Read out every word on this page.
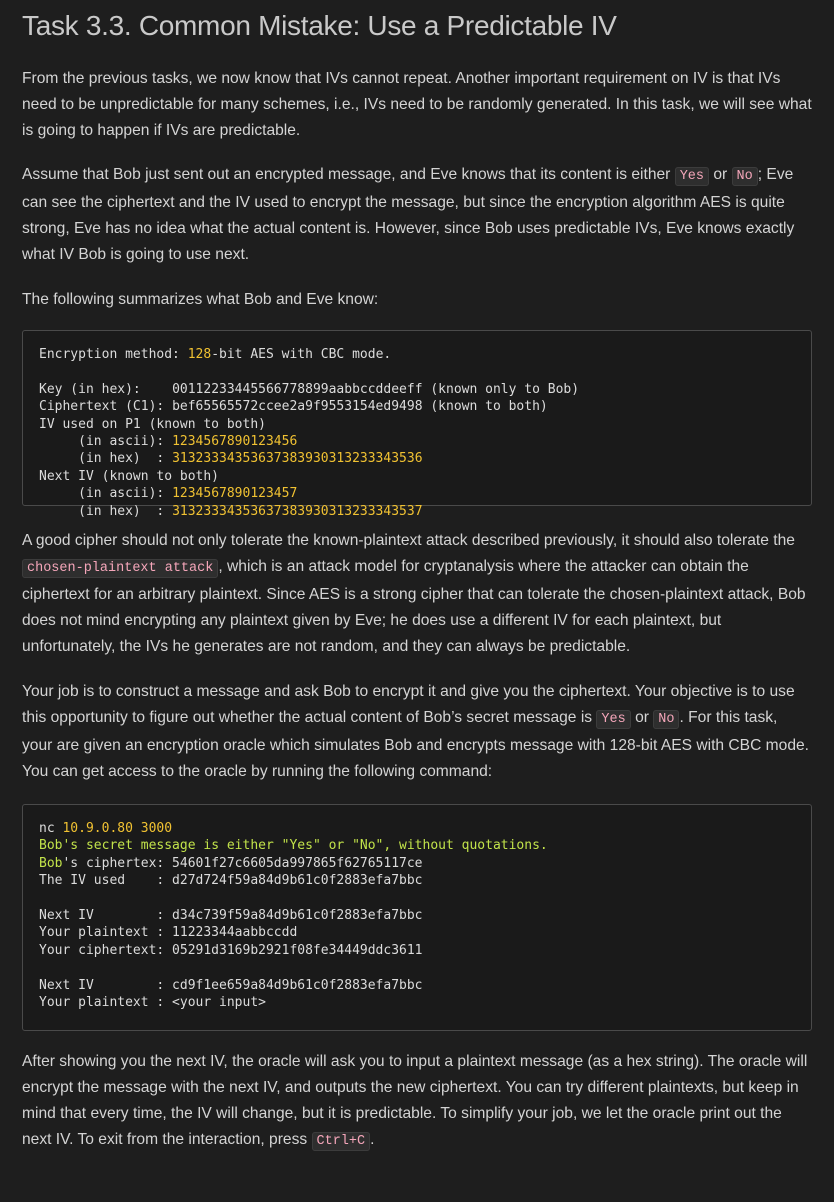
Task 3.3. Common Mistake: Use a Predictable IV

From the previous tasks, we now know that IVs cannot repeat. Another important requirement on IV is that IVs need to be unpredictable for many schemes, i.e., IVs need to be randomly generated. In this task, we will see what is going to happen if IVs are predictable.

Assume that Bob just sent out an encrypted message, and Eve knows that its content is either Yes or No ; Eve can see the ciphertext and the IV used to encrypt the message, but since the encryption algorithm AES is quite strong, Eve has no idea what the actual content is. However, since Bob uses predictable IVs, Eve knows exactly what IV Bob is going to use next.

The following summarizes what Bob and Eve know:

Encryption method: 128-bit AES with CBC mode.
Key (in hex):    00112233445566778899aabbccddeeff (known only to Bob)
Ciphertext (C1): bef65565572ccee2a9f9553154ed9498 (known to both)
IV used on P1 (known to both)
(in ascii): 1234567890123456
(in hex)  : 31323334353637383930313233343536
Next IV (known to both)
(in ascii): 1234567890123457
(in hex)  : 31323334353637383930313233343537

A good cipher should not only tolerate the known-plaintext attack described previously, it should also tolerate the chosen-plaintext attack , which is an attack model for cryptanalysis where the attacker can obtain the ciphertext for an arbitrary plaintext. Since AES is a strong cipher that can tolerate the chosen-plaintext attack, Bob does not mind encrypting any plaintext given by Eve; he does use a different IV for each plaintext, but unfortunately, the IVs he generates are not random, and they can always be predictable.

Your job is to construct a message and ask Bob to encrypt it and give you the ciphertext. Your objective is to use this opportunity to figure out whether the actual content of Bob’s secret message is Yes or No . For this task, your are given an encryption oracle which simulates Bob and encrypts message with 128-bit AES with CBC mode. You can get access to the oracle by running the following command:

nc 10.9.0.80 3000
Bob's secret message is either "Yes" or "No", without quotations.
Bob's ciphertex: 54601f27c6605da997865f62765117ce
The IV used    : d27d724f59a84d9b61c0f2883efa7bbc
Next IV        : d34c739f59a84d9b61c0f2883efa7bbc
Your plaintext : 11223344aabbccdd
Your ciphertext: 05291d3169b2921f08fe34449ddc3611
Next IV        : cd9f1ee659a84d9b61c0f2883efa7bbc
Your plaintext : <your input>

After showing you the next IV, the oracle will ask you to input a plaintext message (as a hex string). The oracle will encrypt the message with the next IV, and outputs the new ciphertext. You can try different plaintexts, but keep in mind that every time, the IV will change, but it is predictable. To simplify your job, we let the oracle print out the next IV. To exit from the interaction, press Ctrl+C .
